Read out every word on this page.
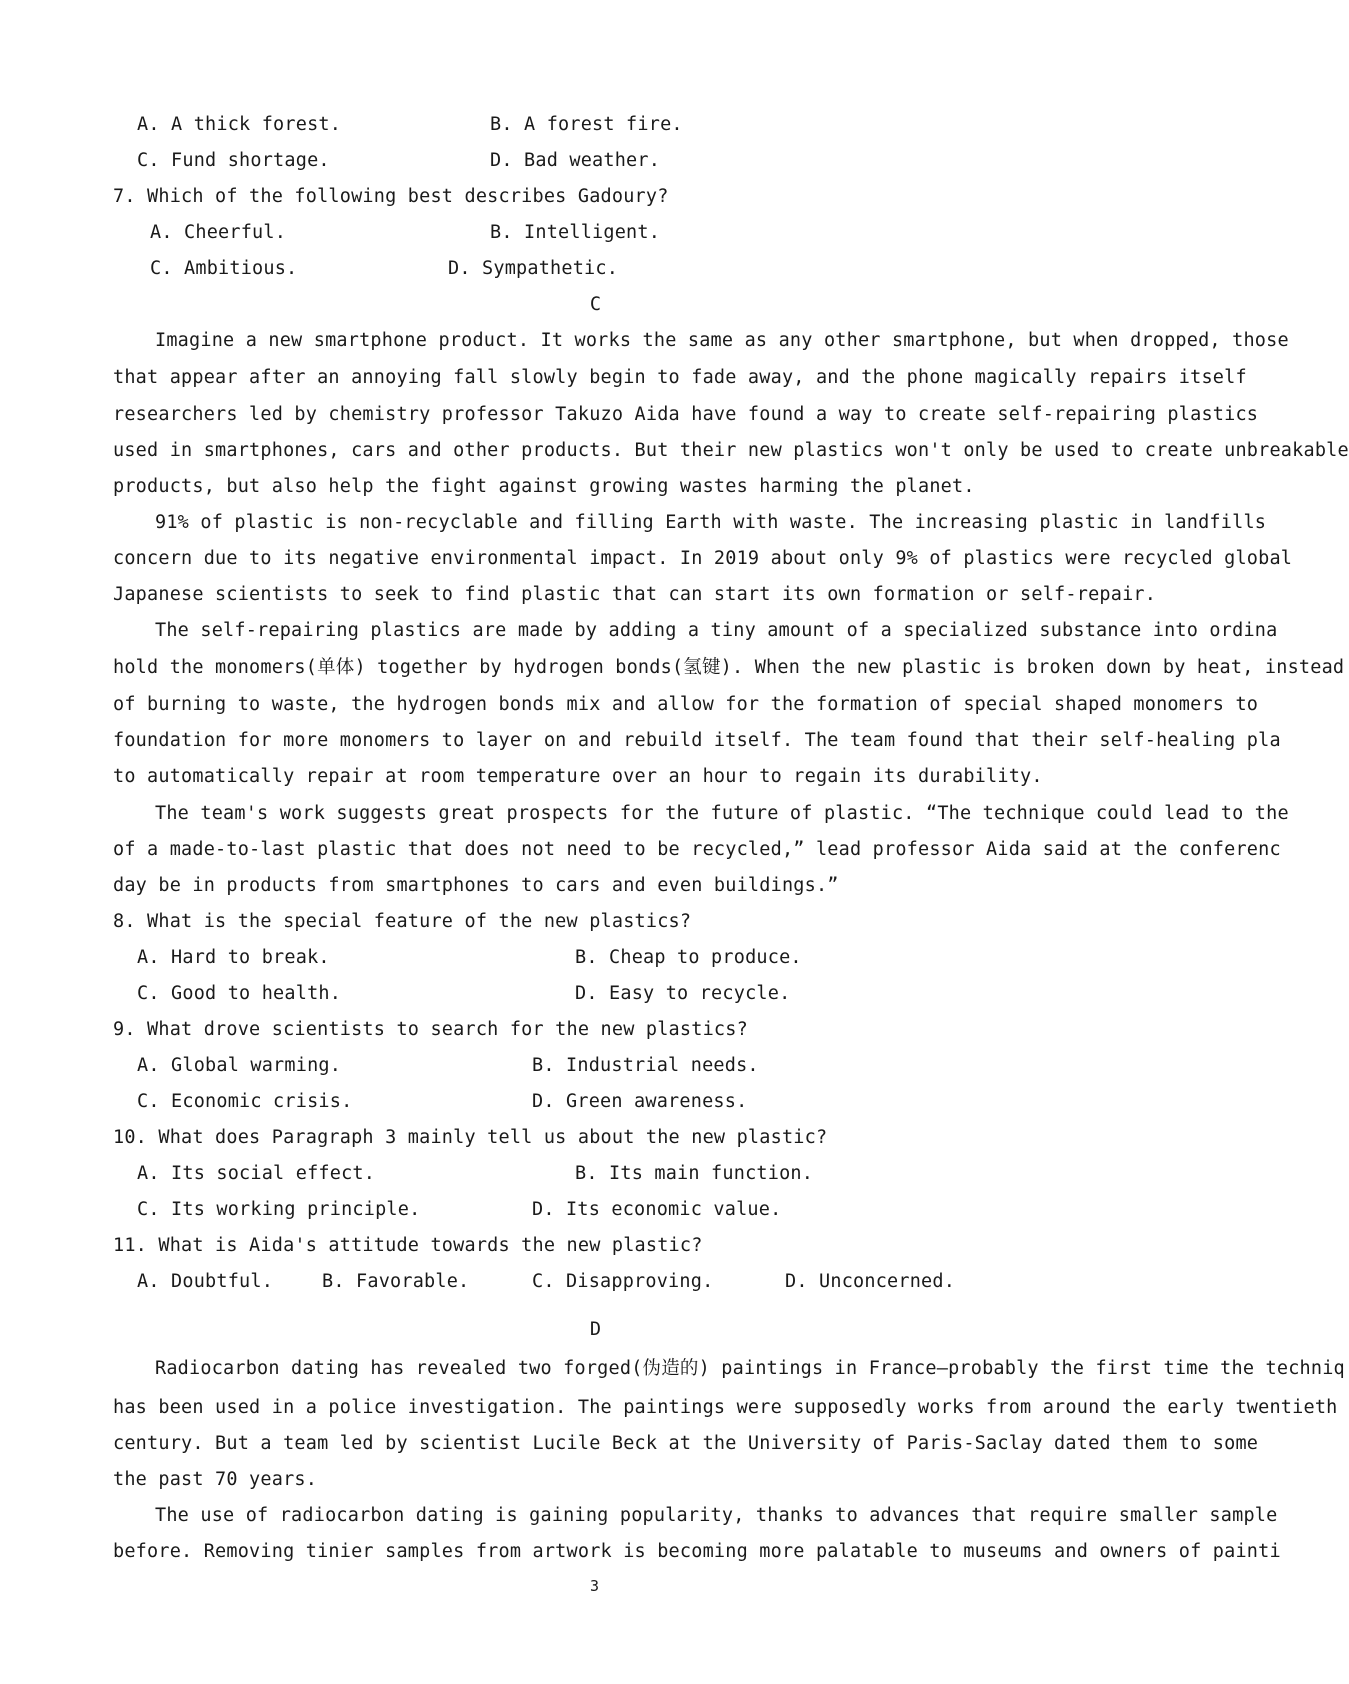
A. A thick forest.	B. A forest fire.
C. Fund shortage.	D. Bad weather.
7. Which of the following best describes Gadoury?
A. Cheerful.	B. Intelligent.
C. Ambitious.	D. Sympathetic.
C
Imagine a new smartphone product. It works the same as any other smartphone, but when dropped, those
that appear after an annoying fall slowly begin to fade away, and the phone magically repairs itself
researchers led by chemistry professor Takuzo Aida have found a way to create self-repairing plastics
used in smartphones, cars and other products. But their new plastics won't only be used to create unbreakable
products, but also help the fight against growing wastes harming the planet.
91% of plastic is non-recyclable and filling Earth with waste. The increasing plastic in landfills
concern due to its negative environmental impact. In 2019 about only 9% of plastics were recycled global
Japanese scientists to seek to find plastic that can start its own formation or self-repair.
The self-repairing plastics are made by adding a tiny amount of a specialized substance into ordina
hold the monomers(单体) together by hydrogen bonds(氢键). When the new plastic is broken down by heat, instead
of burning to waste, the hydrogen bonds mix and allow for the formation of special shaped monomers to
foundation for more monomers to layer on and rebuild itself. The team found that their self-healing pla
to automatically repair at room temperature over an hour to regain its durability.
The team's work suggests great prospects for the future of plastic. “The technique could lead to the
of a made-to-last plastic that does not need to be recycled,” lead professor Aida said at the conferenc
day be in products from smartphones to cars and even buildings.”
8. What is the special feature of the new plastics?
A. Hard to break.	B. Cheap to produce.
C. Good to health.	D. Easy to recycle.
9. What drove scientists to search for the new plastics?
A. Global warming.	B. Industrial needs.
C. Economic crisis.	D. Green awareness.
10. What does Paragraph 3 mainly tell us about the new plastic?
A. Its social effect.	B. Its main function.
C. Its working principle.	D. Its economic value.
11. What is Aida's attitude towards the new plastic?
A. Doubtful.	B. Favorable.	C. Disapproving.	D. Unconcerned.
D
Radiocarbon dating has revealed two forged(伪造的) paintings in France—probably the first time the techniq
has been used in a police investigation. The paintings were supposedly works from around the early twentieth
century. But a team led by scientist Lucile Beck at the University of Paris-Saclay dated them to some
the past 70 years.
The use of radiocarbon dating is gaining popularity, thanks to advances that require smaller sample
before. Removing tinier samples from artwork is becoming more palatable to museums and owners of painti
3
